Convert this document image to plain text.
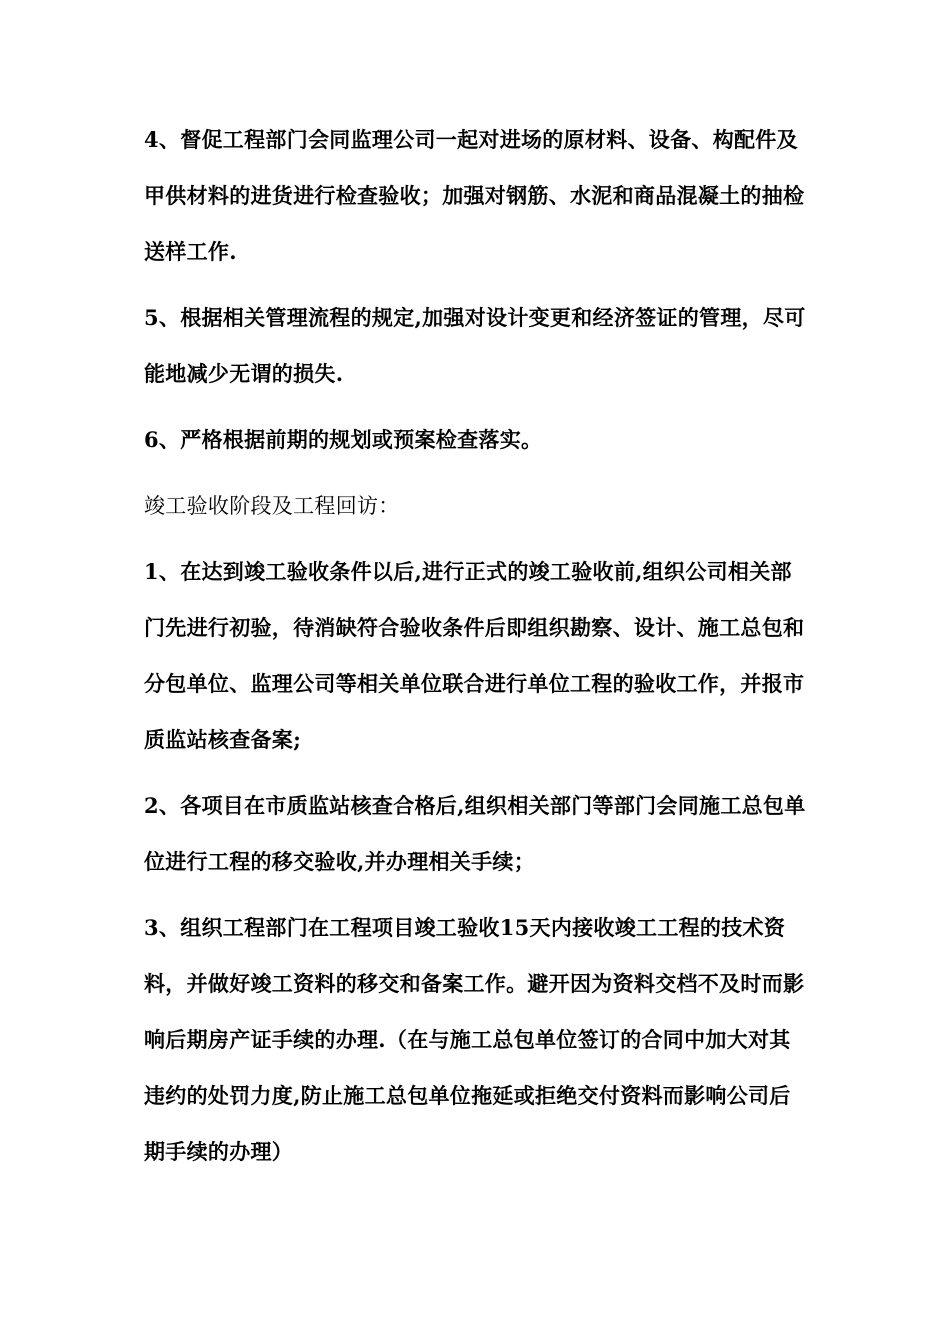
4、督促工程部门会同监理公司一起对进场的原材料、设备、构配件及甲供材料的进货进行检查验收；加强对钢筋、水泥和商品混凝土的抽检送样工作.

5、根据相关管理流程的规定,加强对设计变更和经济签证的管理，尽可能地减少无谓的损失.

6、严格根据前期的规划或预案检查落实。

竣工验收阶段及工程回访：

1、在达到竣工验收条件以后,进行正式的竣工验收前,组织公司相关部门先进行初验，待消缺符合验收条件后即组织勘察、设计、施工总包和分包单位、监理公司等相关单位联合进行单位工程的验收工作，并报市质监站核查备案;

2、各项目在市质监站核查合格后,组织相关部门等部门会同施工总包单位进行工程的移交验收,并办理相关手续；

3、组织工程部门在工程项目竣工验收15天内接收竣工工程的技术资料，并做好竣工资料的移交和备案工作。避开因为资料交档不及时而影响后期房产证手续的办理.（在与施工总包单位签订的合同中加大对其违约的处罚力度,防止施工总包单位拖延或拒绝交付资料而影响公司后期手续的办理）
